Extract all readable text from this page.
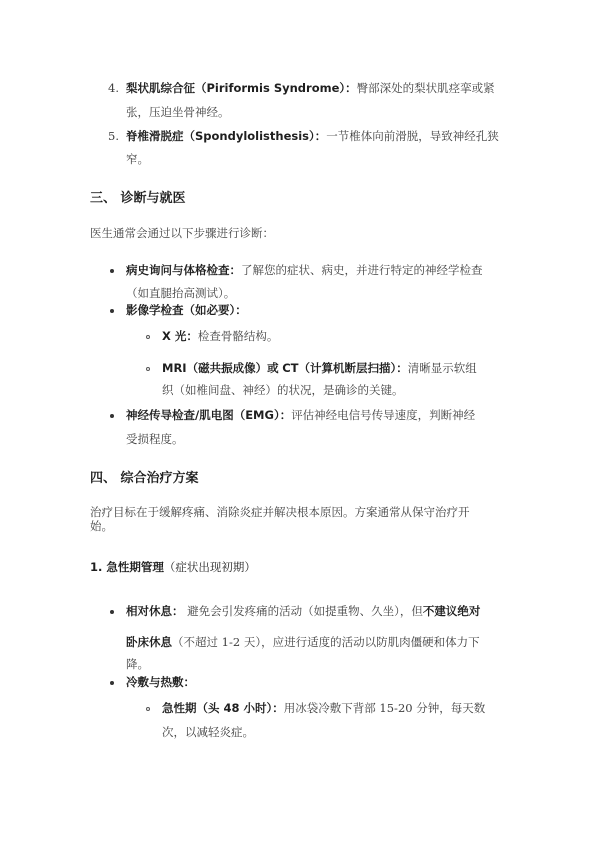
4. 梨状肌综合征（Piriformis Syndrome）：臀部深处的梨状肌痉挛或紧
张，压迫坐骨神经。
5. 脊椎滑脱症（Spondylolisthesis）：一节椎体向前滑脱，导致神经孔狭
窄。
三、 诊断与就医
医生通常会通过以下步骤进行诊断：
病史询问与体格检查：了解您的症状、病史，并进行特定的神经学检查
（如直腿抬高测试）。
影像学检查（如必要）：
X 光：检查骨骼结构。
MRI（磁共振成像）或 CT（计算机断层扫描）：清晰显示软组
织（如椎间盘、神经）的状况，是确诊的关键。
神经传导检查/肌电图（EMG）：评估神经电信号传导速度，判断神经
受损程度。
四、 综合治疗方案
治疗目标在于缓解疼痛、消除炎症并解决根本原因。方案通常从保守治疗开
始。
1. 急性期管理（症状出现初期）
相对休息： 避免会引发疼痛的活动（如提重物、久坐），但不建议绝对
卧床休息（不超过 1-2 天），应进行适度的活动以防肌肉僵硬和体力下
降。
冷敷与热敷：
急性期（头 48 小时）：用冰袋冷敷下背部 15-20 分钟，每天数
次，以减轻炎症。
